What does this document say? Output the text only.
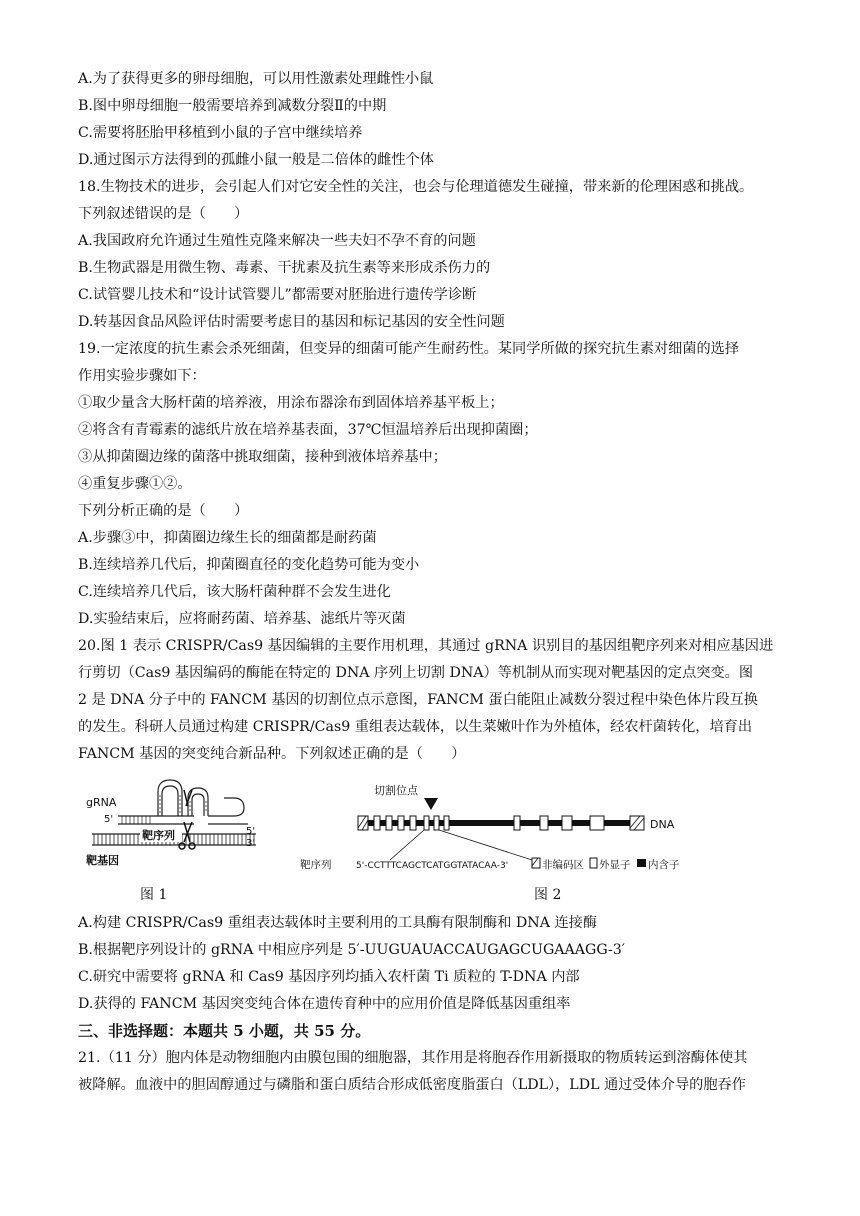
A.为了获得更多的卵母细胞，可以用性激素处理雌性小鼠
B.图中卵母细胞一般需要培养到减数分裂Ⅱ的中期
C.需要将胚胎甲移植到小鼠的子宫中继续培养
D.通过图示方法得到的孤雌小鼠一般是二倍体的雌性个体
18.生物技术的进步，会引起人们对它安全性的关注，也会与伦理道德发生碰撞，带来新的伦理困惑和挑战。
下列叙述错误的是（　　）
A.我国政府允许通过生殖性克隆来解决一些夫妇不孕不育的问题
B.生物武器是用微生物、毒素、干扰素及抗生素等来形成杀伤力的
C.试管婴儿技术和“设计试管婴儿”都需要对胚胎进行遗传学诊断
D.转基因食品风险评估时需要考虑目的基因和标记基因的安全性问题
19.一定浓度的抗生素会杀死细菌，但变异的细菌可能产生耐药性。某同学所做的探究抗生素对细菌的选择
作用实验步骤如下：
①取少量含大肠杆菌的培养液，用涂布器涂布到固体培养基平板上；
②将含有青霉素的滤纸片放在培养基表面，37℃恒温培养后出现抑菌圈；
③从抑菌圈边缘的菌落中挑取细菌，接种到液体培养基中；
④重复步骤①②。
下列分析正确的是（　　）
A.步骤③中，抑菌圈边缘生长的细菌都是耐药菌
B.连续培养几代后，抑菌圈直径的变化趋势可能为变小
C.连续培养几代后，该大肠杆菌种群不会发生进化
D.实验结束后，应将耐药菌、培养基、滤纸片等灭菌
20.图 1 表示 CRISPR/Cas9 基因编辑的主要作用机理，其通过 gRNA 识别目的基因组靶序列来对相应基因进
行剪切（Cas9 基因编码的酶能在特定的 DNA 序列上切割 DNA）等机制从而实现对靶基因的定点突变。图
2 是 DNA 分子中的 FANCM 基因的切割位点示意图，FANCM 蛋白能阻止减数分裂过程中染色体片段互换
的发生。科研人员通过构建 CRISPR/Cas9 重组表达载体，以生菜嫩叶作为外植体，经农杆菌转化，培育出
FANCM 基因的突变纯合新品种。下列叙述正确的是（　　）
gRNA
5'
靶序列	5'
3'
靶基因
切割位点
DNA
靶序列	5'-CCTTTCAGCTCATGGTATACAA-3'	非编码区 外显子 内含子
图 1	图 2
A.构建 CRISPR/Cas9 重组表达载体时主要利用的工具酶有限制酶和 DNA 连接酶
B.根据靶序列设计的 gRNA 中相应序列是 5′-UUGUAUACCAUGAGCUGAAAGG-3′
C.研究中需要将 gRNA 和 Cas9 基因序列均插入农杆菌 Ti 质粒的 T-DNA 内部
D.获得的 FANCM 基因突变纯合体在遗传育种中的应用价值是降低基因重组率
三、非选择题：本题共 5 小题，共 55 分。
21.（11 分）胞内体是动物细胞内由膜包围的细胞器，其作用是将胞吞作用新摄取的物质转运到溶酶体使其
被降解。血液中的胆固醇通过与磷脂和蛋白质结合形成低密度脂蛋白（LDL），LDL 通过受体介导的胞吞作
